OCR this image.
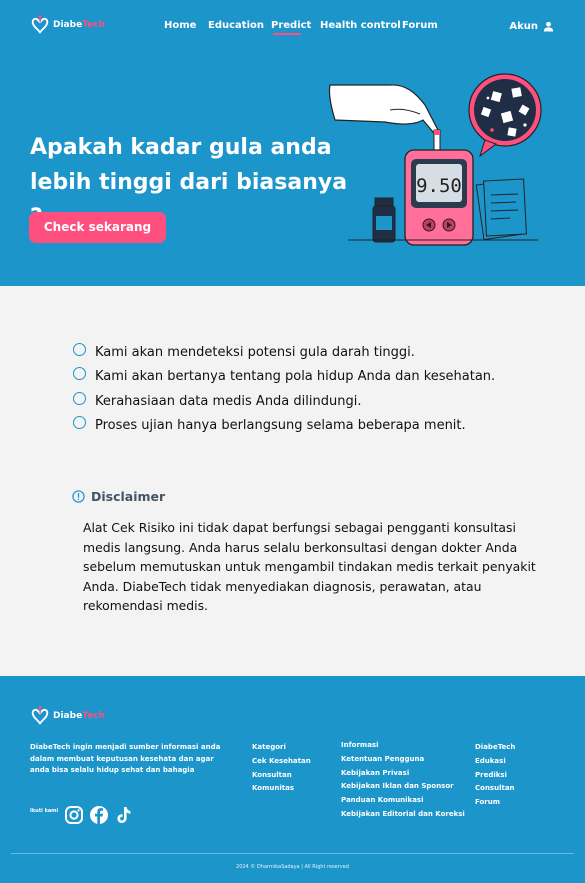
DiabeTech	Home Education Predict Health control Forum	Akun
Apakah kadar gula anda
lebih tinggi dari biasanya
Check sekarang
9.50
Kami akan mendeteksi potensi gula darah tinggi.
Kami akan bertanya tentang pola hidup Anda dan kesehatan.
Kerahasiaan data medis Anda dilindungi.
Proses ujian hanya berlangsung selama beberapa menit.
Disclaimer

Alat Cek Risiko ini tidak dapat berfungsi sebagai pengganti konsultasi medis langsung. Anda harus selalu berkonsultasi dengan dokter Anda sebelum memutuskan untuk mengambil tindakan medis terkait penyakit Anda. DiabeTech tidak menyediakan diagnosis, perawatan, atau rekomendasi medis.

DiabeTech

DiabeTech ingin menjadi sumber informasi anda dalam membuat keputusan kesehata dan agar anda bisa selalu hidup sehat dan bahagia

Ikuti kami
Kategori
Cek Kesehatan
Konsultan
Komunitas
Informasi
Ketentuan Pengguna
Kebijakan Privasi
Kebijakan Iklan dan Sponsor
Panduan Komunikasi
Kebijakan Editorial dan Koreksi
DiabeTech
Edukasi
Prediksi
Consultan
Forum
2024 © DharmikaSadaya | All Right reserved
